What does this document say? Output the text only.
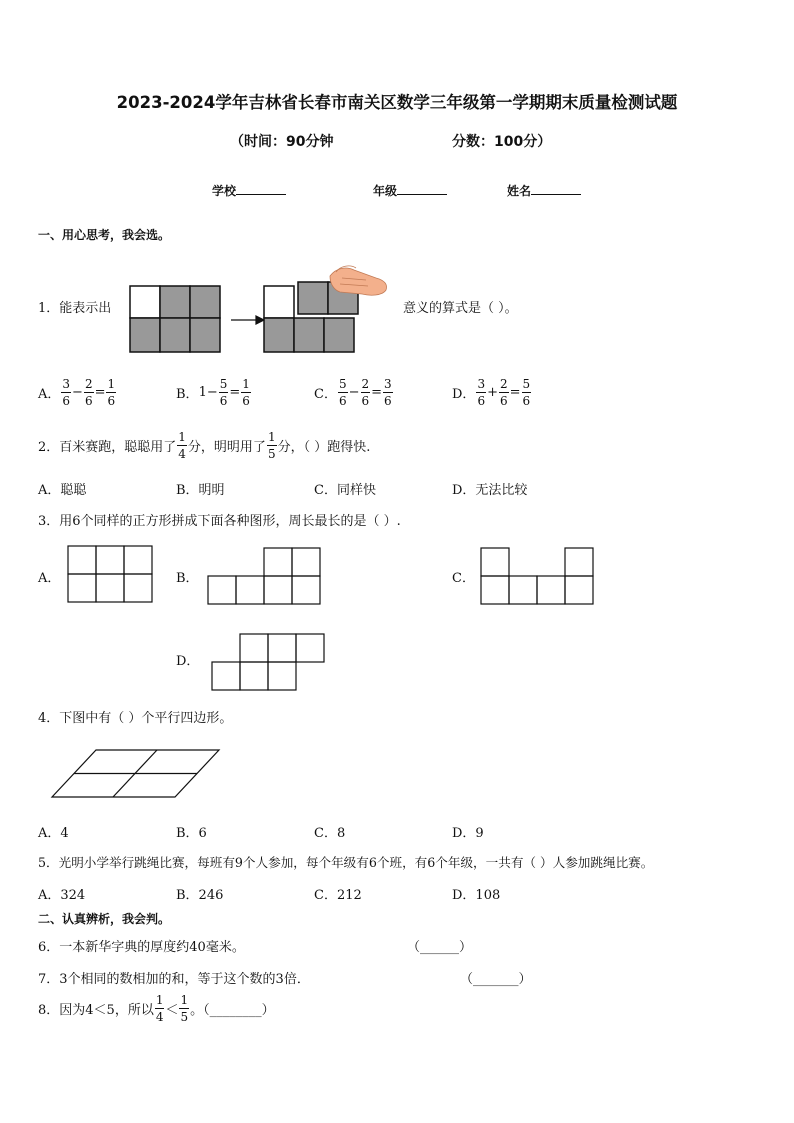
2023-2024学年吉林省长春市南关区数学三年级第一学期期末质量检测试题
（时间：90分钟	分数：100分）
学校	年级	姓名
一、用心思考，我会选。
1．能表示出	意义的算式是（ ）。
A． $\frac{3}{6} - \frac{2}{6} = \frac{1}{6}$	B． $1- \frac{5}{6} = \frac{1}{6}$	C． $\frac{5}{6} - \frac{2}{6} = \frac{3}{6}$	D． $\frac{3}{6} + \frac{2}{6} = \frac{5}{6}$
2．百米赛跑，聪聪用了 $\frac{1}{4}$ 分，明明用了 $\frac{1}{5}$ 分，（ ）跑得快.
A．聪聪	B．明明	C．同样快	D．无法比较
3．用6个同样的正方形拼成下面各种图形，周长最长的是（ ）.
A．	B．	C．
D．
4．下图中有（ ）个平行四边形。
A．4	B．6	C．8	D．9
5．光明小学举行跳绳比赛，每班有9个人参加，每个年级有6个班，有6个年级，一共有（ ）人参加跳绳比赛。
A．324	B．246	C．212	D．108
二、认真辨析，我会判。
6．一本新华字典的厚度约40毫米。	（______）
7．3个相同的数相加的和，等于这个数的3倍．	（_______）
8．因为4＜5，所以 $\frac{1}{4} < \frac{1}{5}$ 。（________）
